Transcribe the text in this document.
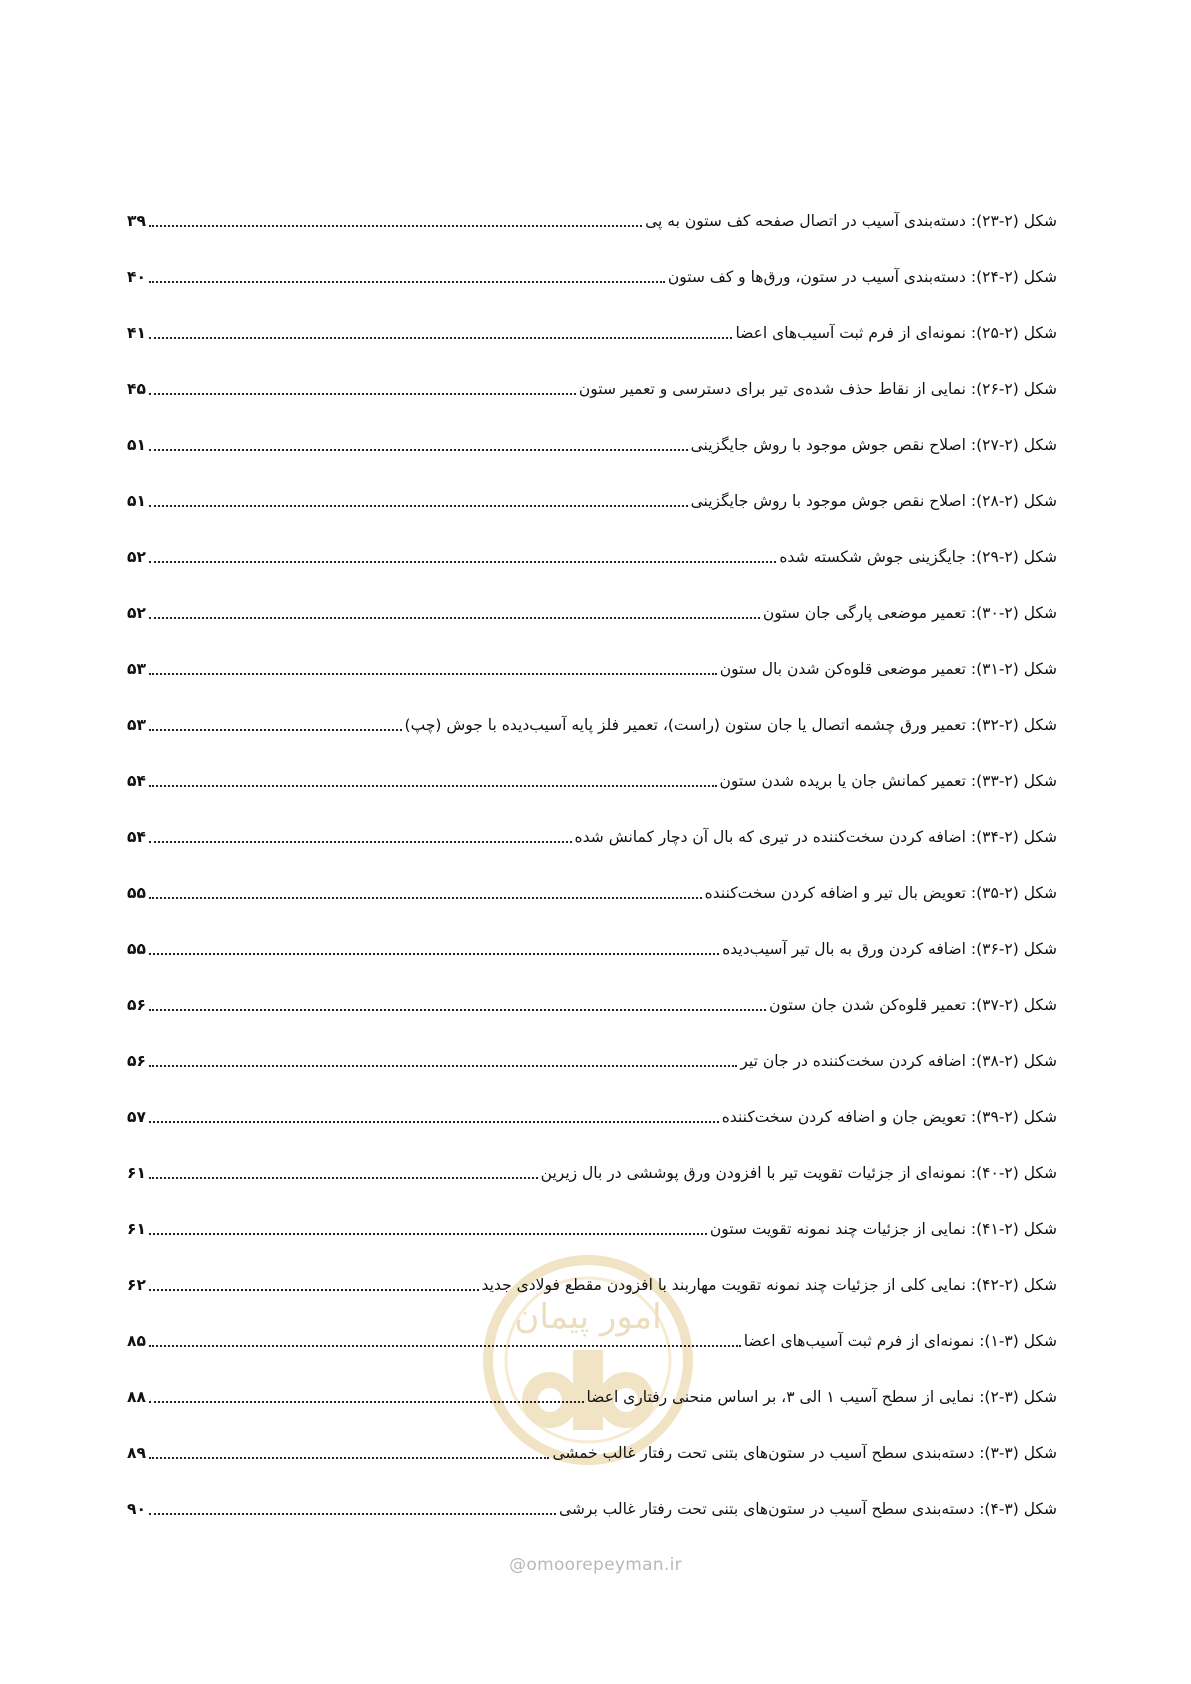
امور پیمان
شکل (۲-۲۳): دسته‌بندی آسیب در اتصال صفحه کف ستون به پی
۳۹
شکل (۲-۲۴): دسته‌بندی آسیب در ستون، ورق‌ها و کف ستون
۴۰
شکل (۲-۲۵): نمونه‌ای از فرم ثبت آسیب‌های اعضا
۴۱
شکل (۲-۲۶): نمایی از نقاط حذف شده‌ی تیر برای دسترسی و تعمیر ستون
۴۵
شکل (۲-۲۷): اصلاح نقص جوش موجود با روش جایگزینی
۵۱
شکل (۲-۲۸): اصلاح نقص جوش موجود با روش جایگزینی
۵۱
شکل (۲-۲۹): جایگزینی جوش شکسته شده
۵۲
شکل (۲-۳۰): تعمیر موضعی پارگی جان ستون
۵۲
شکل (۲-۳۱): تعمیر موضعی قلوه‌کن شدن بال ستون
۵۳
شکل (۲-۳۲): تعمیر ورق چشمه اتصال یا جان ستون (راست)، تعمیر فلز پایه آسیب‌دیده با جوش (چپ)
۵۳
شکل (۲-۳۳): تعمیر کمانش جان یا بریده شدن ستون
۵۴
شکل (۲-۳۴): اضافه کردن سخت‌کننده در تیری که بال آن دچار کمانش شده
۵۴
شکل (۲-۳۵): تعویض بال تیر و اضافه کردن سخت‌کننده
۵۵
شکل (۲-۳۶): اضافه کردن ورق به بال تیر آسیب‌دیده
۵۵
شکل (۲-۳۷): تعمیر قلوه‌کن شدن جان ستون
۵۶
شکل (۲-۳۸): اضافه کردن سخت‌کننده در جان تیر
۵۶
شکل (۲-۳۹): تعویض جان و اضافه کردن سخت‌کننده
۵۷
شکل (۲-۴۰): نمونه‌ای از جزئیات تقویت تیر با افزودن ورق پوششی در بال زیرین
۶۱
شکل (۲-۴۱): نمایی از جزئیات چند نمونه تقویت ستون
۶۱
شکل (۲-۴۲): نمایی کلی از جزئیات چند نمونه تقویت مهاربند با افزودن مقطع فولادی جدید
۶۲
شکل (۳-۱): نمونه‌ای از فرم ثبت آسیب‌های اعضا
۸۵
شکل (۳-۲): نمایی از سطح آسیب ۱ الی ۳، بر اساس منحنی رفتاری اعضا
۸۸
شکل (۳-۳): دسته‌بندی سطح آسیب در ستون‌های بتنی تحت رفتار غالب خمشی
۸۹
شکل (۳-۴): دسته‌بندی سطح آسیب در ستون‌های بتنی تحت رفتار غالب برشی
۹۰
@omoorepeyman.ir
